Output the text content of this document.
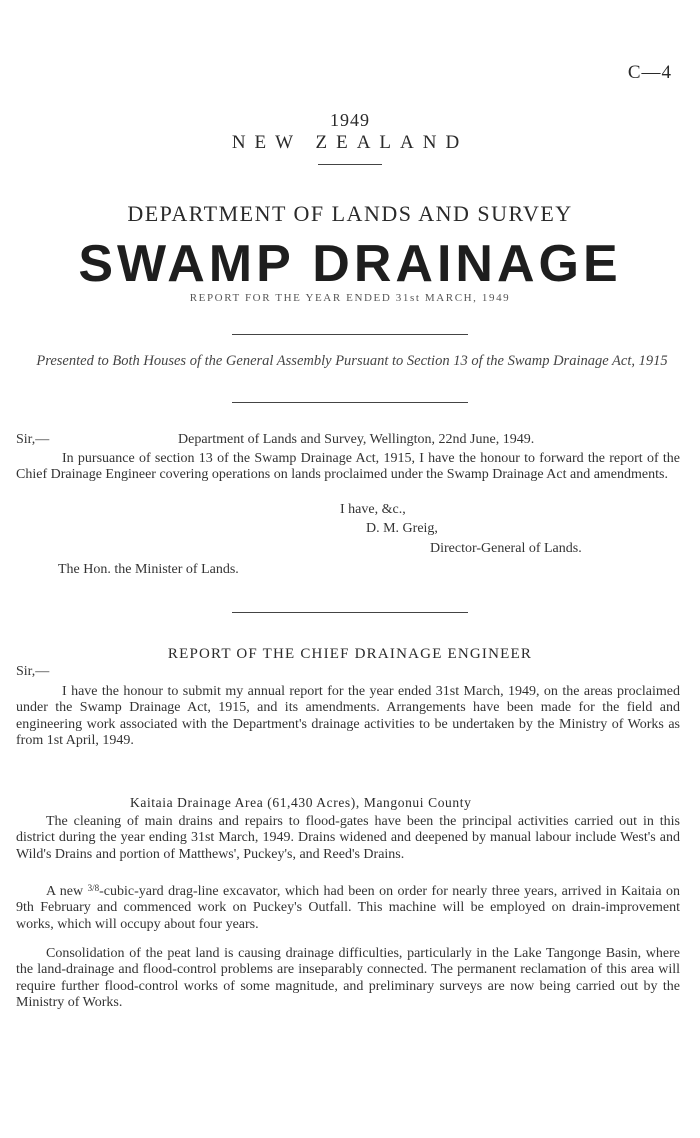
C—4
1949
NEW ZEALAND
DEPARTMENT OF LANDS AND SURVEY
SWAMP DRAINAGE
REPORT FOR THE YEAR ENDED 31st MARCH, 1949
Presented to Both Houses of the General Assembly Pursuant to Section 13 of the Swamp Drainage Act, 1915
Sir,—	Department of Lands and Survey, Wellington, 22nd June, 1949.
In pursuance of section 13 of the Swamp Drainage Act, 1915, I have the honour to forward the report of the Chief Drainage Engineer covering operations on lands proclaimed under the Swamp Drainage Act and amendments.
I have, &c.,
D. M. Greig,
Director-General of Lands.
The Hon. the Minister of Lands.
REPORT OF THE CHIEF DRAINAGE ENGINEER
Sir,—
I have the honour to submit my annual report for the year ended 31st March, 1949, on the areas proclaimed under the Swamp Drainage Act, 1915, and its amendments. Arrangements have been made for the field and engineering work associated with the Department's drainage activities to be undertaken by the Ministry of Works as from 1st April, 1949.
Kaitaia Drainage Area (61,430 Acres), Mangonui County
The cleaning of main drains and repairs to flood-gates have been the principal activities carried out in this district during the year ending 31st March, 1949. Drains widened and deepened by manual labour include West's and Wild's Drains and portion of Matthews', Puckey's, and Reed's Drains.
A new $^{3/8}$-cubic-yard drag-line excavator, which had been on order for nearly three years, arrived in Kaitaia on 9th February and commenced work on Puckey's Outfall. This machine will be employed on drain-improvement works, which will occupy about four years.
Consolidation of the peat land is causing drainage difficulties, particularly in the Lake Tangonge Basin, where the land-drainage and flood-control problems are inseparably connected. The permanent reclamation of this area will require further flood-control works of some magnitude, and preliminary surveys are now being carried out by the Ministry of Works.
